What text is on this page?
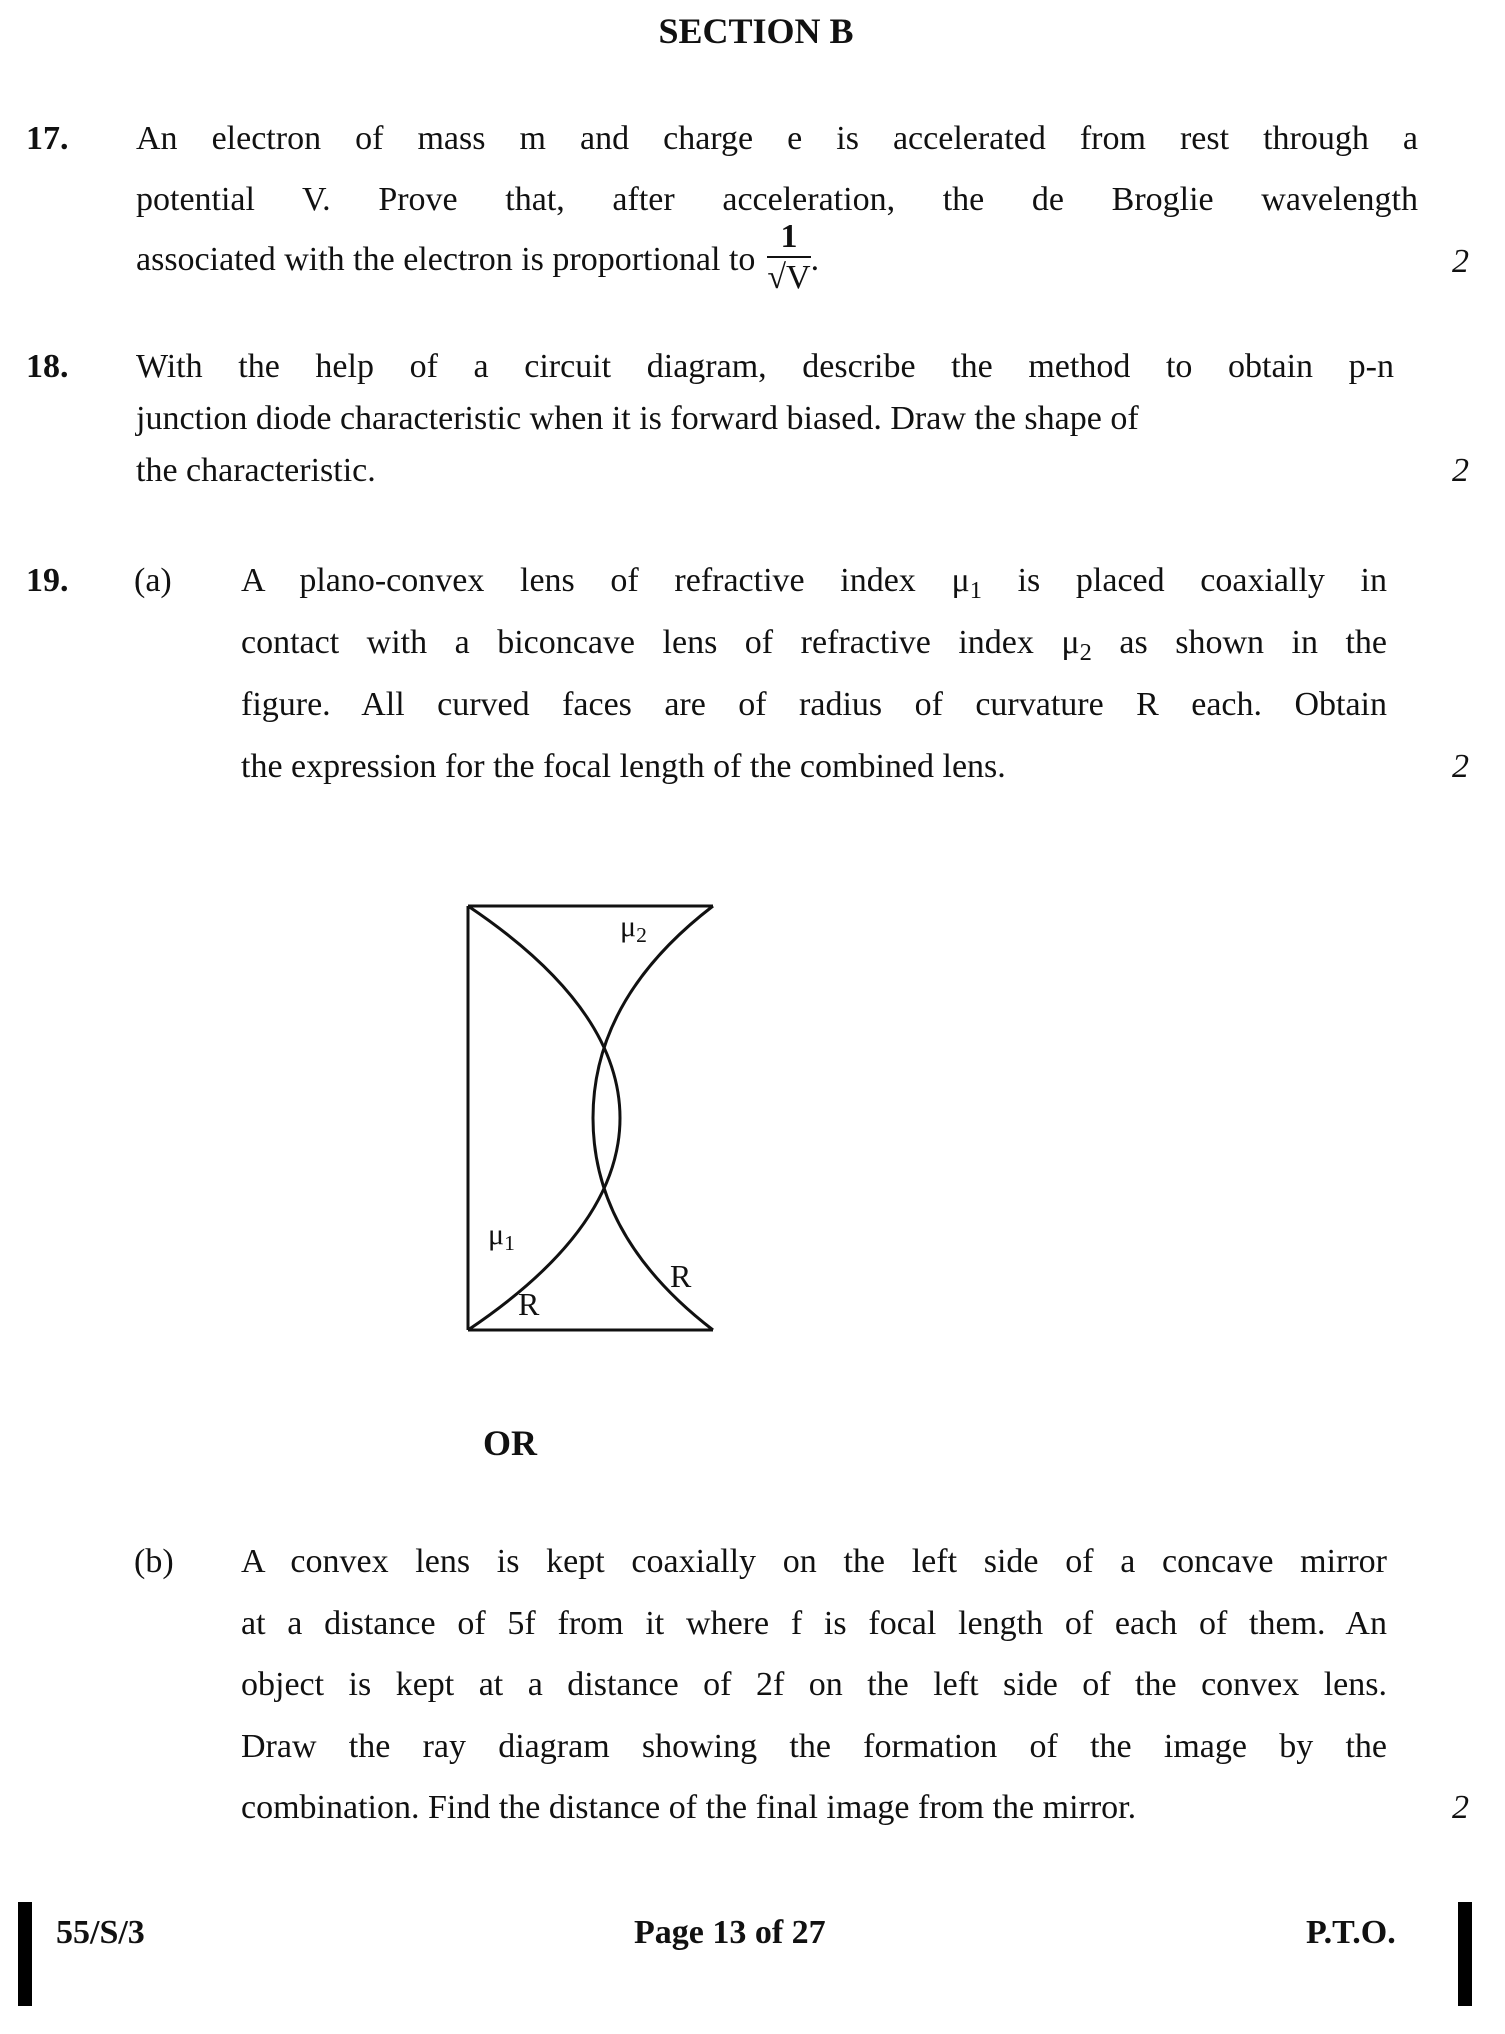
SECTION B
17. An electron of mass m and charge e is accelerated from rest through a
potential V. Prove that, after acceleration, the de Broglie wavelength
associated with the electron is proportional to $\frac{1}{√V}$ .	2
18. With the help of a circuit diagram, describe the method to obtain p-n
junction diode characteristic when it is forward biased. Draw the shape of
the characteristic.	2
19. (a) A plano-convex lens of refractive index $\mu_1$ is placed coaxially in
contact with a biconcave lens of refractive index $\mu_2$ as shown in the
figure. All curved faces are of radius of curvature R each. Obtain
the expression for the focal length of the combined lens.	2
$\mu_2$
$\mu_1$
R
R
OR
(b) A convex lens is kept coaxially on the left side of a concave mirror
at a distance of 5f from it where f is focal length of each of them. An
object is kept at a distance of 2f on the left side of the convex lens.
Draw the ray diagram showing the formation of the image by the
combination. Find the distance of the final image from the mirror.	2
55/S/3	Page 13 of 27	P.T.O.
